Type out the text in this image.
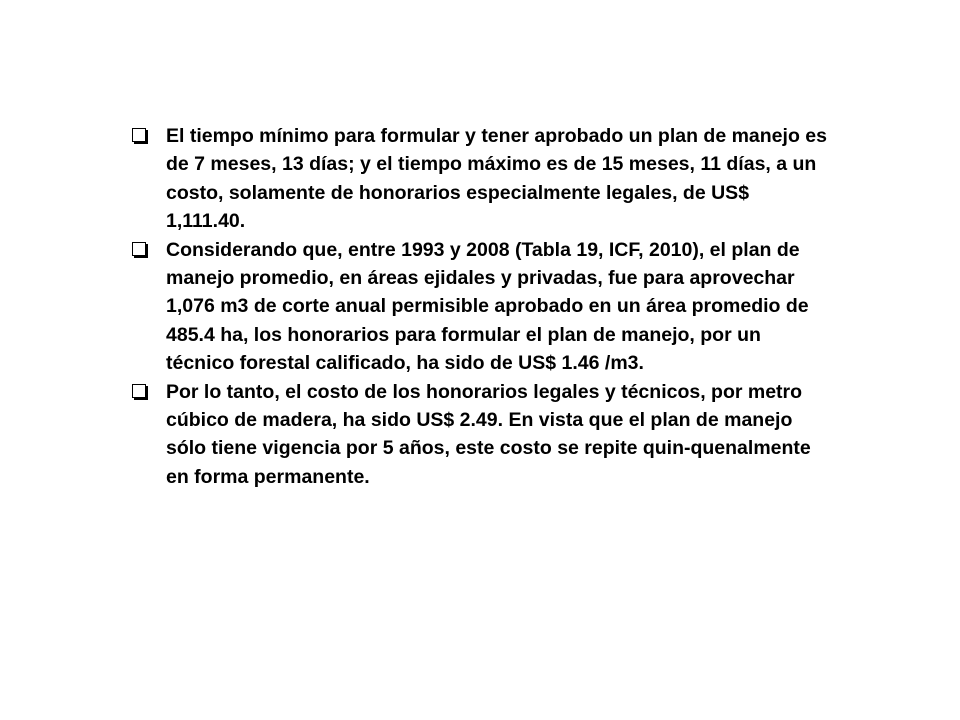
El tiempo mínimo para formular y tener aprobado un plan de manejo es de 7 meses, 13 días; y el tiempo máximo es de 15 meses, 11 días, a un costo, solamente de honorarios especialmente legales, de US$ 1,111.40.
Considerando que, entre 1993 y 2008 (Tabla 19, ICF, 2010), el plan de manejo promedio, en áreas ejidales y privadas, fue para aprovechar 1,076 m3 de corte anual permisible aprobado en un área promedio de 485.4 ha, los honorarios para formular el plan de manejo, por un técnico forestal calificado, ha sido de US$ 1.46 /m3.
Por lo tanto, el costo de los honorarios legales y técnicos, por metro cúbico de madera, ha sido US$ 2.49. En vista que el plan de manejo sólo tiene vigencia por 5 años, este costo se repite quin-quenalmente en forma permanente.
